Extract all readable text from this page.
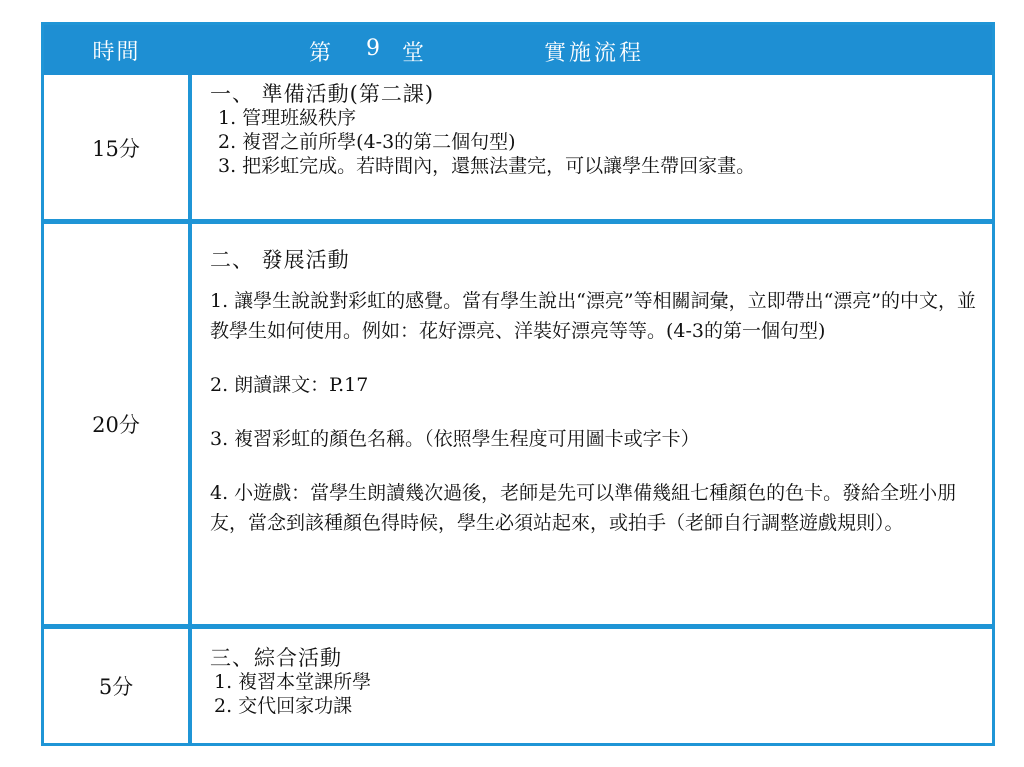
時間	第 9 堂	實施流程
15分
一、 準備活動(第二課)
1. 管理班級秩序
2. 複習之前所學(4-3的第二個句型)
3. 把彩虹完成。若時間內，還無法畫完，可以讓學生帶回家畫。
20分
二、 發展活動
1. 讓學生說說對彩虹的感覺。當有學生說出“漂亮”等相關詞彙，立即帶出“漂亮”的中文，並教學生如何使用。例如：花好漂亮、洋裝好漂亮等等。(4-3的第一個句型)
2. 朗讀課文：P.17
3. 複習彩虹的顏色名稱。（依照學生程度可用圖卡或字卡）
4. 小遊戲：當學生朗讀幾次過後，老師是先可以準備幾組七種顏色的色卡。發給全班小朋友，當念到該種顏色得時候，學生必須站起來，或拍手（老師自行調整遊戲規則）。
5分
三、綜合活動
1. 複習本堂課所學
2. 交代回家功課
